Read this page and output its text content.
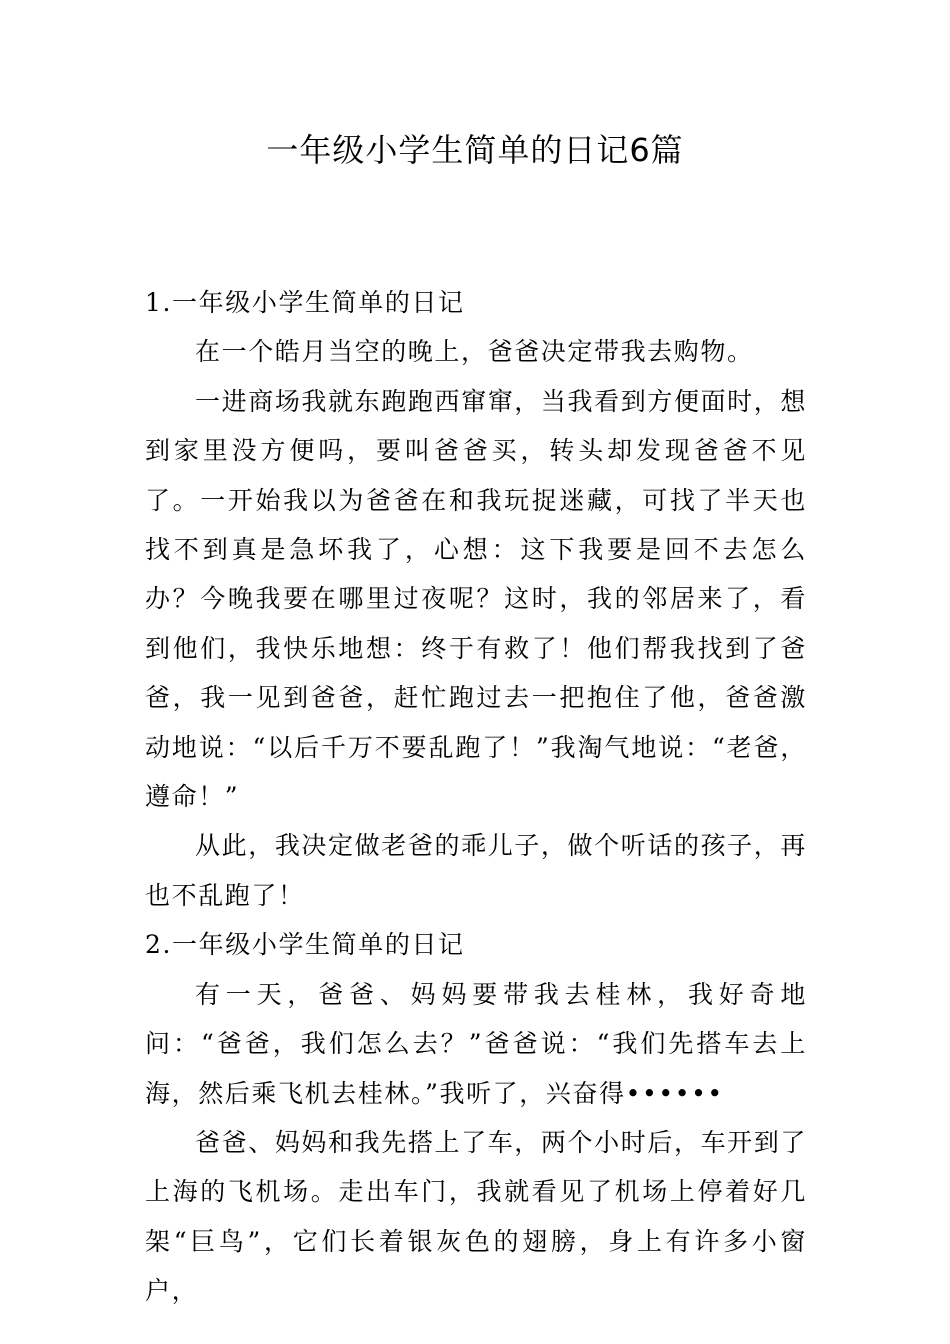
一年级小学生简单的日记6篇

1.一年级小学生简单的日记

在一个皓月当空的晚上，爸爸决定带我去购物。

一进商场我就东跑跑西窜窜，当我看到方便面时，想到家里没方便吗，要叫爸爸买，转头却发现爸爸不见了。一开始我以为爸爸在和我玩捉迷藏，可找了半天也找不到真是急坏我了，心想：这下我要是回不去怎么办？今晚我要在哪里过夜呢？这时，我的邻居来了，看到他们，我快乐地想：终于有救了！他们帮我找到了爸爸，我一见到爸爸，赶忙跑过去一把抱住了他，爸爸激动地说：“以后千万不要乱跑了！”我淘气地说：“老爸，遵命！”

从此，我决定做老爸的乖儿子，做个听话的孩子，再也不乱跑了！

2.一年级小学生简单的日记

有一天，爸爸、妈妈要带我去桂林，我好奇地问：“爸爸，我们怎么去？”爸爸说：“我们先搭车去上海，然后乘飞机去桂林。”我听了，兴奋得••••••

爸爸、妈妈和我先搭上了车，两个小时后，车开到了上海的飞机场。走出车门，我就看见了机场上停着好几架“巨鸟”，它们长着银灰色的翅膀，身上有许多小窗户，
